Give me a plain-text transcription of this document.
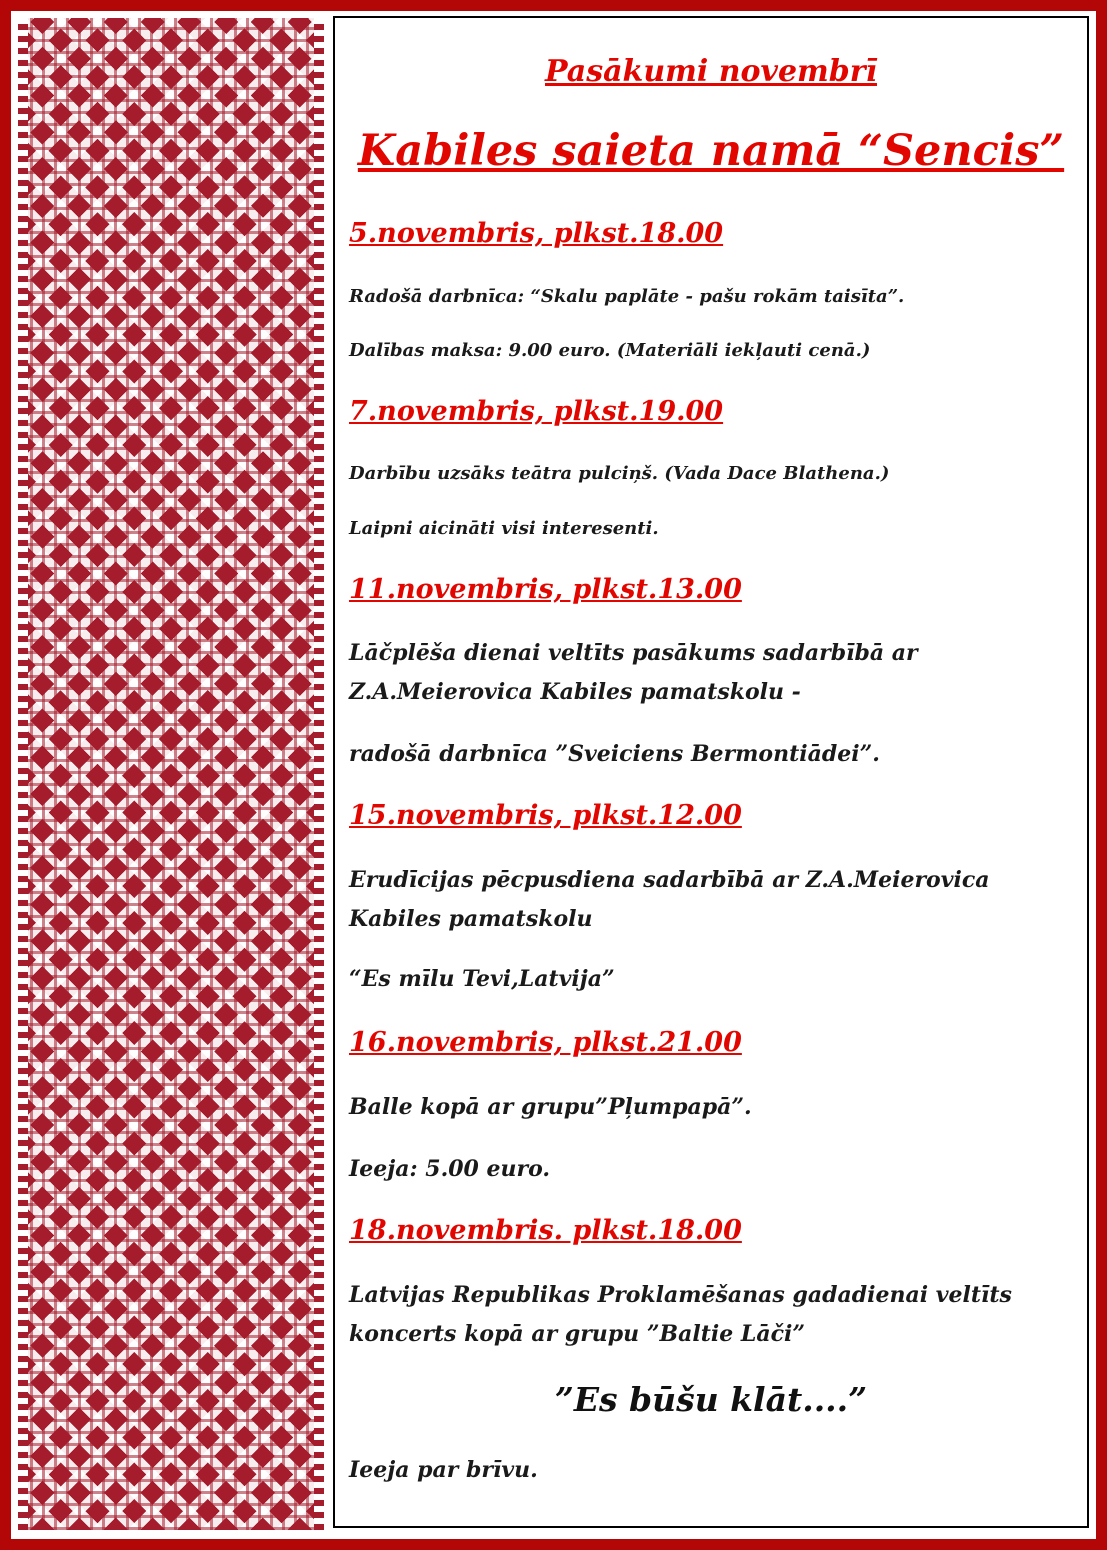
Pasākumi novembrī
Kabiles saieta namā “Sencis”
5.novembris, plkst.18.00
Radošā darbnīca: “Skalu paplāte - pašu rokām taisīta”.
Dalības maksa: 9.00 euro. (Materiāli iekļauti cenā.)
7.novembris, plkst.19.00
Darbību uzsāks teātra pulciņš. (Vada Dace Blathena.)
Laipni aicināti visi interesenti.
11.novembris, plkst.13.00
Lāčplēša dienai veltīts pasākums sadarbībā ar Z.A.Meierovica Kabiles pamatskolu -
radošā darbnīca ”Sveiciens Bermontiādei”.
15.novembris, plkst.12.00
Erudīcijas pēcpusdiena sadarbībā ar Z.A.Meierovica Kabiles pamatskolu
“Es mīlu Tevi,Latvija”
16.novembris, plkst.21.00
Balle kopā ar grupu”Pļumpapā”.
Ieeja: 5.00 euro.
18.novembris. plkst.18.00
Latvijas Republikas Proklamēšanas gadadienai veltīts koncerts kopā ar grupu ”Baltie Lāči”
”Es būšu klāt....”
Ieeja par brīvu.
